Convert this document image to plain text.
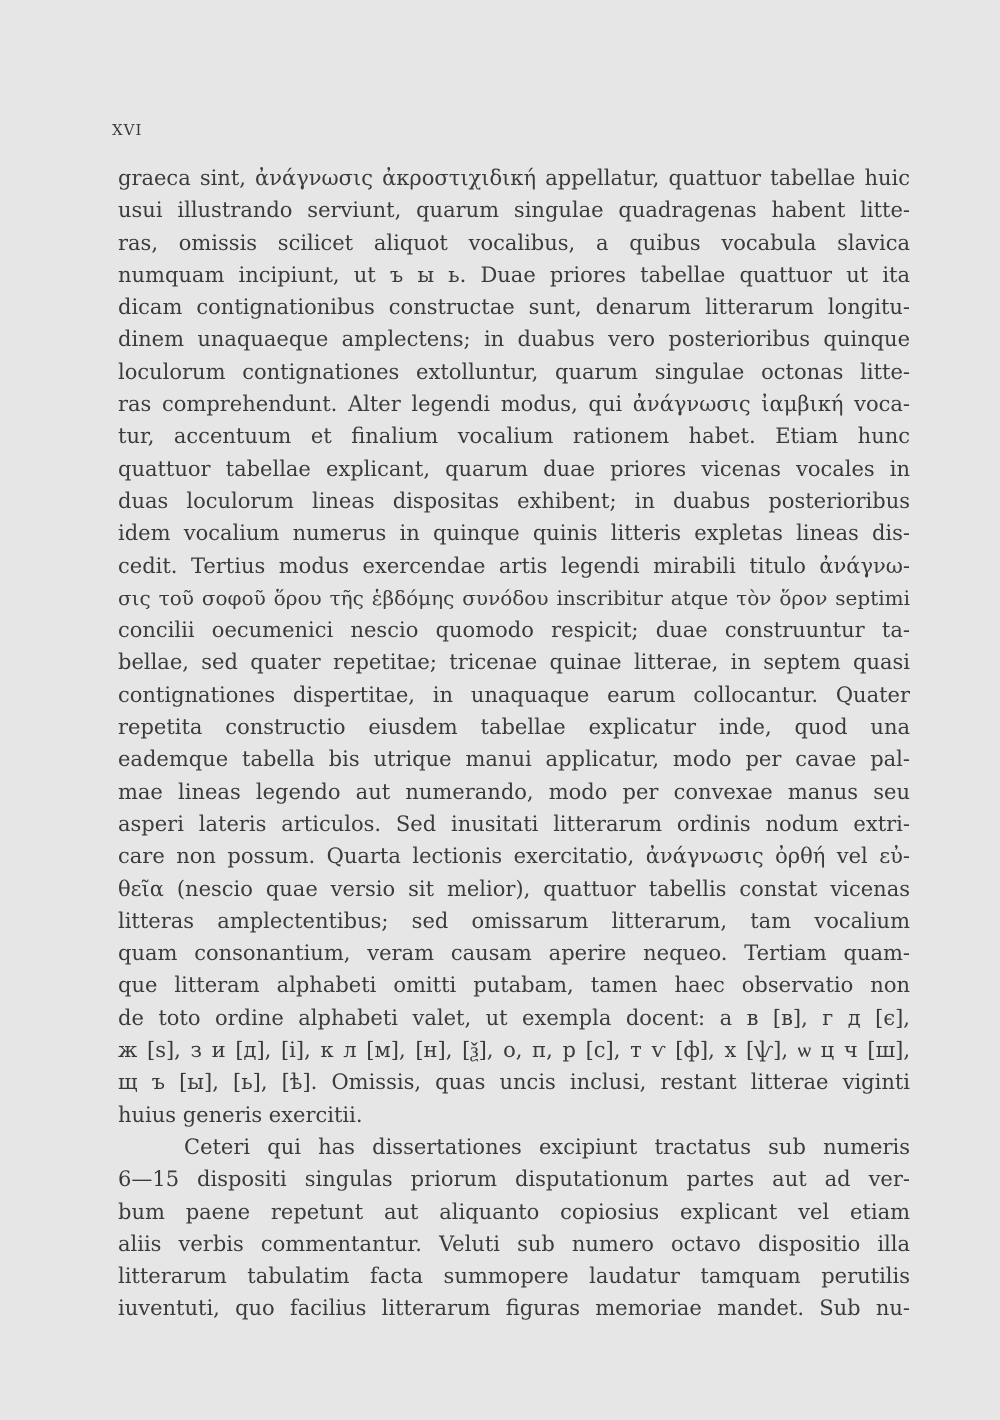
XVI
graeca sint, ἀνάγνωσις ἀκροστιχιδική appellatur, quattuor tabellae huic
usui illustrando serviunt, quarum singulae quadragenas habent litte-
ras, omissis scilicet aliquot vocalibus, a quibus vocabula slavica
numquam incipiunt, ut ъ ы ь. Duae priores tabellae quattuor ut ita
dicam contignationibus constructae sunt, denarum litterarum longitu-
dinem unaquaeque amplectens; in duabus vero posterioribus quinque
loculorum contignationes extolluntur, quarum singulae octonas litte-
ras comprehendunt. Alter legendi modus, qui ἀνάγνωσις ἰαμβική voca-
tur, accentuum et finalium vocalium rationem habet. Etiam hunc
quattuor tabellae explicant, quarum duae priores vicenas vocales in
duas loculorum lineas dispositas exhibent; in duabus posterioribus
idem vocalium numerus in quinque quinis litteris expletas lineas dis-
cedit. Tertius modus exercendae artis legendi mirabili titulo ἀνάγνω-
σις τοῦ σοφοῦ ὅρου τῆς ἑβδόμης συνόδου inscribitur atque τὸν ὅρον septimi
concilii oecumenici nescio quomodo respicit; duae construuntur ta-
bellae, sed quater repetitae; tricenae quinae litterae, in septem quasi
contignationes dispertitae, in unaquaque earum collocantur. Quater
repetita constructio eiusdem tabellae explicatur inde, quod una
eademque tabella bis utrique manui applicatur, modo per cavae pal-
mae lineas legendo aut numerando, modo per convexae manus seu
asperi lateris articulos. Sed inusitati litterarum ordinis nodum extri-
care non possum. Quarta lectionis exercitatio, ἀνάγνωσις ὀρθή vel εὐ-
θεῖα (nescio quae versio sit melior), quattuor tabellis constat vicenas
litteras amplectentibus; sed omissarum litterarum, tam vocalium
quam consonantium, veram causam aperire nequeo. Tertiam quam-
que litteram alphabeti omitti putabam, tamen haec observatio non
de toto ordine alphabeti valet, ut exempla docent: а в [в], г д [є],
ж [ѕ], з и [д], [і], к л [м], [н], [ѯ], о, п, р [с], т ѵ [ф], х [ѱ], ѡ ц ч [ш],
щ ъ [ы], [ь], [ѣ]. Omissis, quas uncis inclusi, restant litterae viginti
huius generis exercitii.
Ceteri qui has dissertationes excipiunt tractatus sub numeris
6—15 dispositi singulas priorum disputationum partes aut ad ver-
bum paene repetunt aut aliquanto copiosius explicant vel etiam
aliis verbis commentantur. Veluti sub numero octavo dispositio illa
litterarum tabulatim facta summopere laudatur tamquam perutilis
iuventuti, quo facilius litterarum figuras memoriae mandet. Sub nu-
